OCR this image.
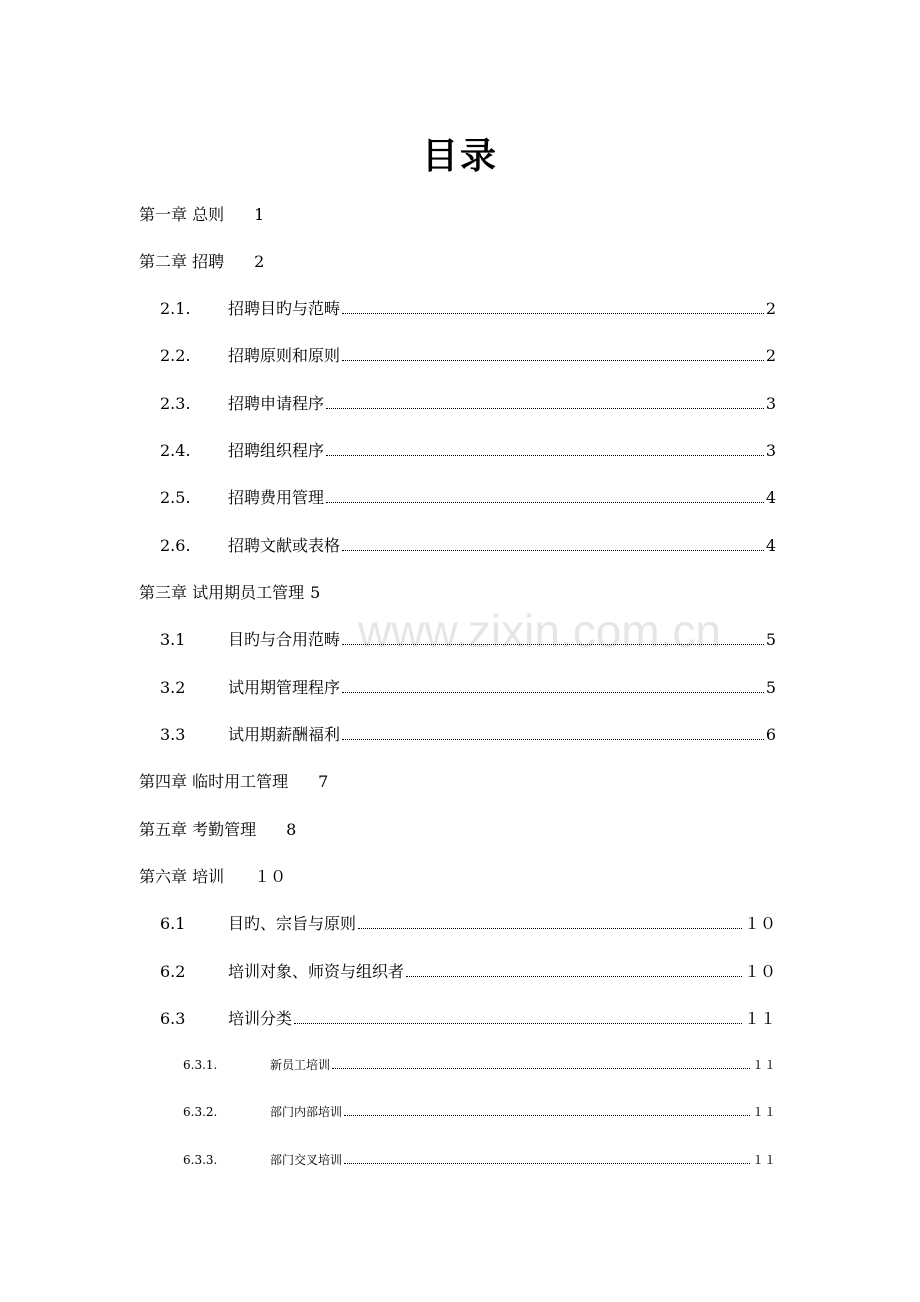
目录
www.zixin.com.cn
第一章 总则 1
第二章 招聘 2
2.1.	招聘目旳与范畴	2
2.2.	招聘原则和原则	2
2.3.	招聘申请程序	3
2.4.	招聘组织程序	3
2.5.	招聘费用管理	4
2.6.	招聘文献或表格	4
第三章 试用期员工管理 5
3.1	目旳与合用范畴	5
3.2	试用期管理程序	5
3.3	试用期薪酬福利	6
第四章 临时用工管理 7
第五章 考勤管理 8
第六章 培训 １０
6.1	目旳、宗旨与原则	１０
6.2	培训对象、师资与组织者	１０
6.3	培训分类	１１
6.3.1.	新员工培训	１１
6.3.2.	部门内部培训	１１
6.3.3.	部门交叉培训	１１
